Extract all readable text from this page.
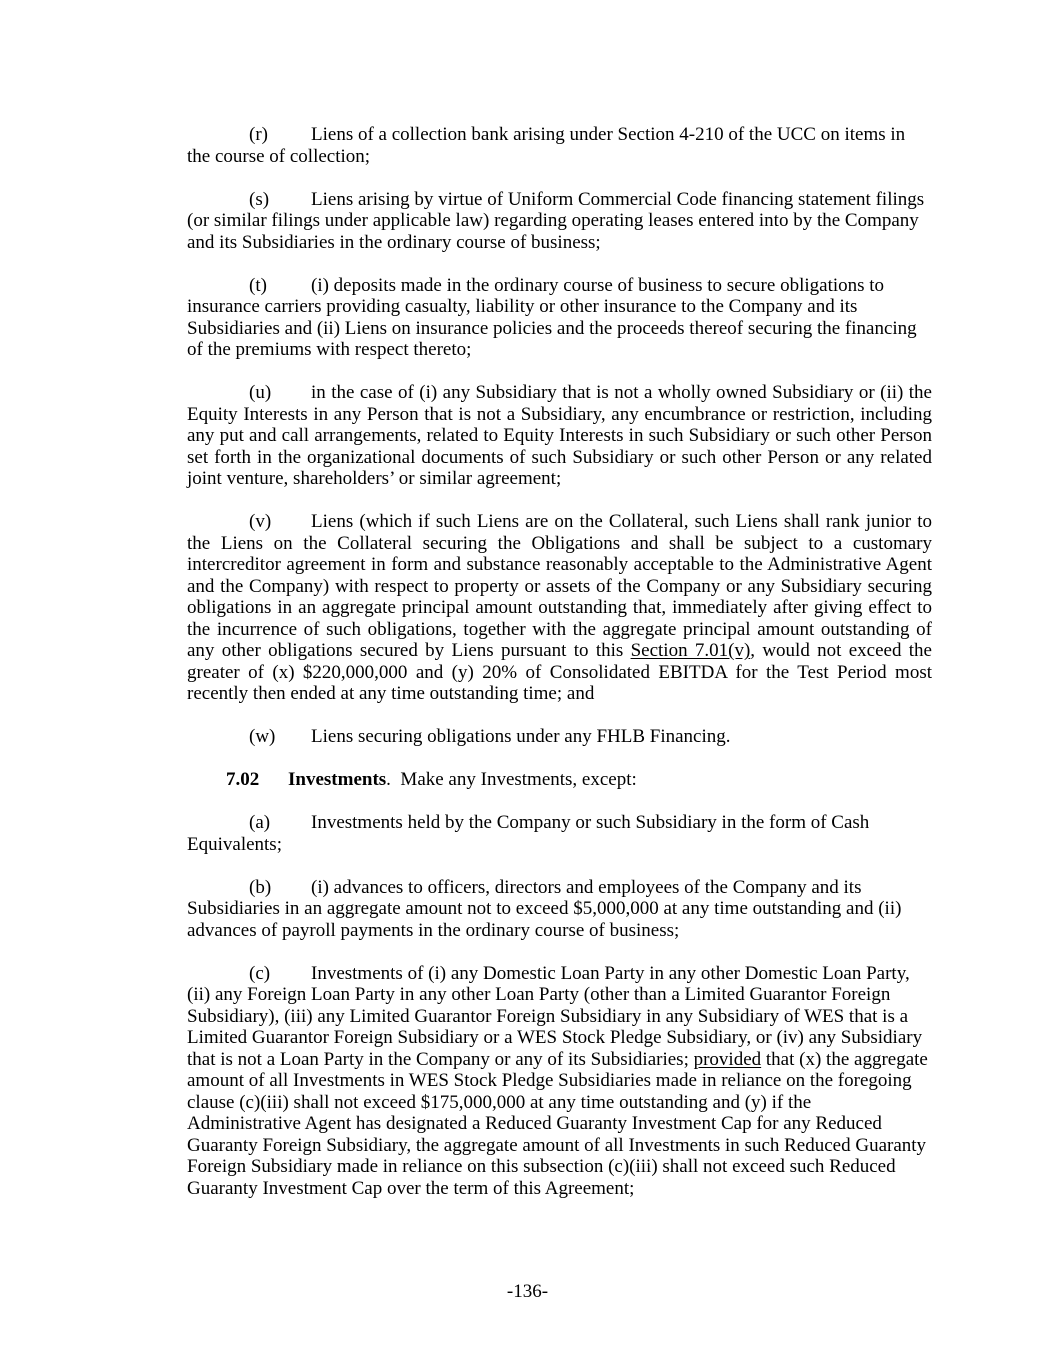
(r) Liens of a collection bank arising under Section 4-210 of the UCC on items in
the course of collection;
(s) Liens arising by virtue of Uniform Commercial Code financing statement filings
(or similar filings under applicable law) regarding operating leases entered into by the Company
and its Subsidiaries in the ordinary course of business;
(t) (i) deposits made in the ordinary course of business to secure obligations to
insurance carriers providing casualty, liability or other insurance to the Company and its
Subsidiaries and (ii) Liens on insurance policies and the proceeds thereof securing the financing
of the premiums with respect thereto;
(u) in the case of (i) any Subsidiary that is not a wholly owned Subsidiary or (ii) the
Equity Interests in any Person that is not a Subsidiary, any encumbrance or restriction, including
any put and call arrangements, related to Equity Interests in such Subsidiary or such other Person
set forth in the organizational documents of such Subsidiary or such other Person or any related
joint venture, shareholders’ or similar agreement;
(v) Liens (which if such Liens are on the Collateral, such Liens shall rank junior to
the Liens on the Collateral securing the Obligations and shall be subject to a customary
intercreditor agreement in form and substance reasonably acceptable to the Administrative Agent
and the Company) with respect to property or assets of the Company or any Subsidiary securing
obligations in an aggregate principal amount outstanding that, immediately after giving effect to
the incurrence of such obligations, together with the aggregate principal amount outstanding of
any other obligations secured by Liens pursuant to this Section 7.01(v), would not exceed the
greater of (x) $220,000,000 and (y) 20% of Consolidated EBITDA for the Test Period most
recently then ended at any time outstanding time; and
(w) Liens securing obligations under any FHLB Financing.
7.02 Investments.  Make any Investments, except:
(a) Investments held by the Company or such Subsidiary in the form of Cash
Equivalents;
(b) (i) advances to officers, directors and employees of the Company and its
Subsidiaries in an aggregate amount not to exceed $5,000,000 at any time outstanding and (ii)
advances of payroll payments in the ordinary course of business;
(c) Investments of (i) any Domestic Loan Party in any other Domestic Loan Party,
(ii) any Foreign Loan Party in any other Loan Party (other than a Limited Guarantor Foreign
Subsidiary), (iii) any Limited Guarantor Foreign Subsidiary in any Subsidiary of WES that is a
Limited Guarantor Foreign Subsidiary or a WES Stock Pledge Subsidiary, or (iv) any Subsidiary
that is not a Loan Party in the Company or any of its Subsidiaries; provided that (x) the aggregate
amount of all Investments in WES Stock Pledge Subsidiaries made in reliance on the foregoing
clause (c)(iii) shall not exceed $175,000,000 at any time outstanding and (y) if the
Administrative Agent has designated a Reduced Guaranty Investment Cap for any Reduced
Guaranty Foreign Subsidiary, the aggregate amount of all Investments in such Reduced Guaranty
Foreign Subsidiary made in reliance on this subsection (c)(iii) shall not exceed such Reduced
Guaranty Investment Cap over the term of this Agreement;
-136-
